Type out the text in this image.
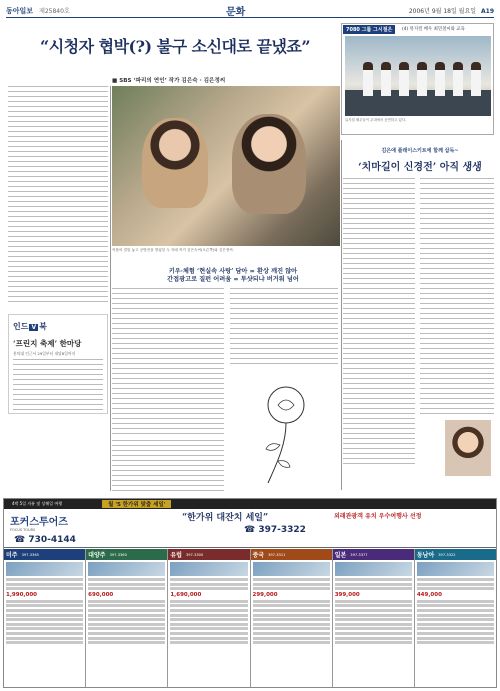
동아일보 제25840호	문화	2006년 9월 18일 월요일 A19
“시청자 협박(?) 불구 소신대로 끝냈죠”
■ SBS ‘파리의 연인’ 작가 김은숙 · 김은정씨
작품의 결말 놓고 공방전을 벌였던 두 자매 작가 김은숙씨(오른쪽)와 김은정씨.
키우·체험 ‘현실속 사랑’ 담아 = 환상 깨진 않아
간접광고로 질펀 어려움 = 투샷되냐 버거워 넘어
7080 그룹 그시절은	(4) 뮤지컬 배우 최민철씨와 교육
뮤지컬 배우들이 무대에서 공연하고 있다.
김은애 플래이스키트에 함께 삽독~
‘치마길이 신경전’ 아직 생생
인드 Ⅴ 북
‘프린지 축제’ 한마당
홍익대 인근서 29일부터 내달8일까지
4박 5일 자유 및 상해일 여행	월 '5 한가위 맞춤 세일'
포커스투어즈
FOCUS TOURS
☎ 730-4144
“한가위 대잔치 세일”	외래관광객 유치 우수여행사 선정
☎ 397-3322
미주 397-3365
1,990,000
대양주 397-3360
690,000
유럽 397-3300
1,690,000
중국 397-3311
299,000
일본 397-3377
399,000
동남아 397-3322
449,000
